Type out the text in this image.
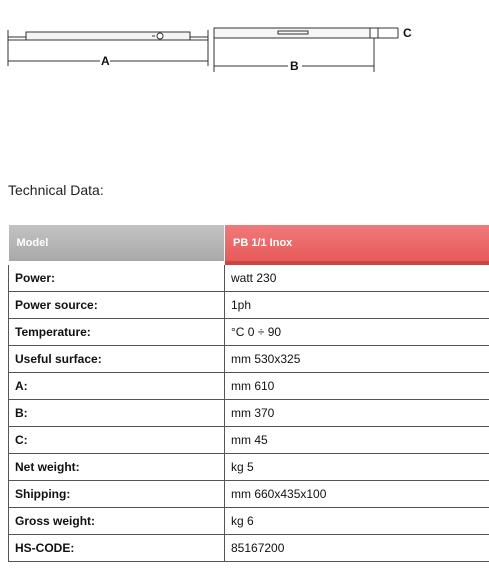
A	B
C
Technical Data:
Model	PB 1/1 Inox
Power:	watt 230
Power source:	1ph
Temperature:	°C 0 ÷ 90
Useful surface:	mm 530x325
A:	mm 610
B:	mm 370
C:	mm 45
Net weight:	kg 5
Shipping:	mm 660x435x100
Gross weight:	kg 6
HS-CODE:	85167200
